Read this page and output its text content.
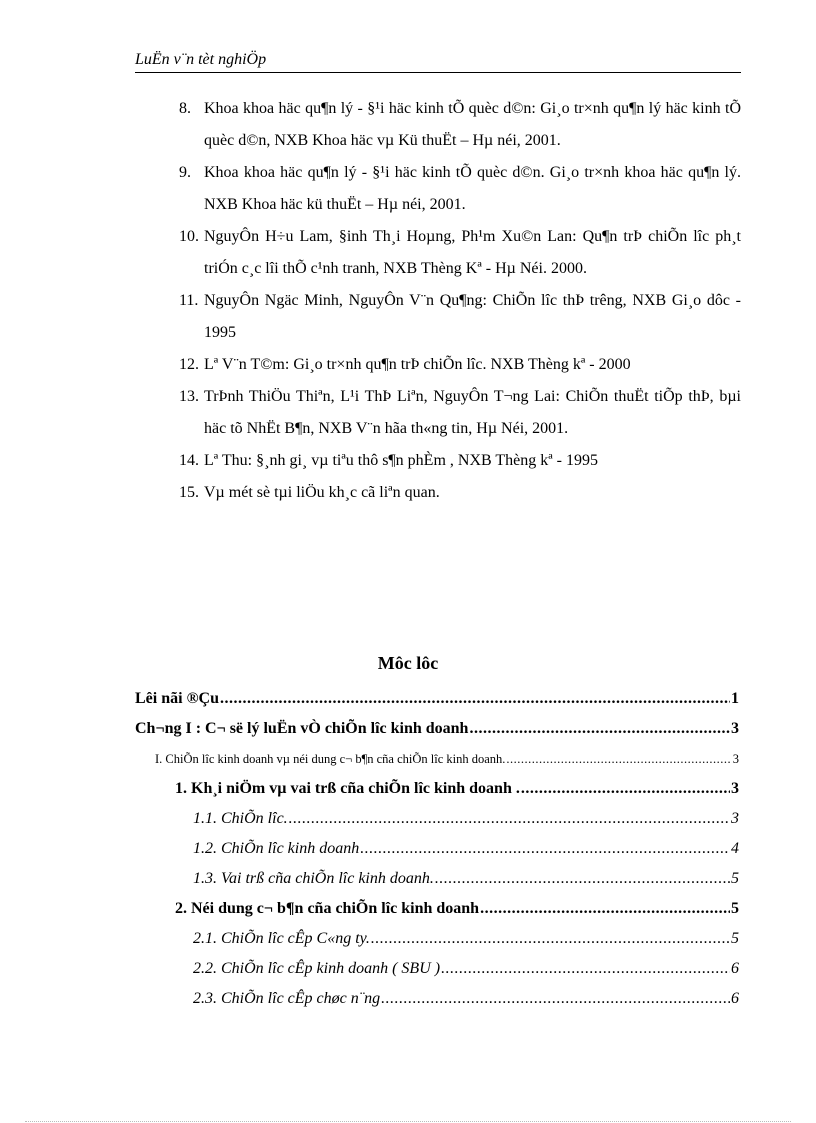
LuËn v¨n tèt nghiÖp
8. Khoa khoa häc qu¶n lý - §¹i häc kinh tÕ quèc d©n: Gi¸o tr×nh qu¶n lý häc kinh tÕ quèc d©n, NXB Khoa häc vµ Kü thuËt – Hµ néi, 2001.
9. Khoa khoa häc qu¶n lý - §¹i häc kinh tÕ quèc d©n. Gi¸o tr×nh khoa häc qu¶n lý. NXB Khoa häc kü thuËt – Hµ néi, 2001.
10. NguyÔn H÷u Lam, §inh Th¸i Hoµng, Ph¹m Xu©n Lan: Qu¶n trÞ chiÕn lîc ph¸t triÓn c¸c lîi thÕ c¹nh tranh, NXB Thèng Kª - Hµ Néi. 2000.
11. NguyÔn Ngäc Minh, NguyÔn V¨n Qu¶ng: ChiÕn lîc thÞ trêng, NXB Gi¸o dôc - 1995
12. Lª V¨n T©m: Gi¸o tr×nh qu¶n trÞ chiÕn lîc. NXB Thèng kª - 2000
13. TrÞnh ThiÖu Thiªn, L¹i ThÞ Liªn, NguyÔn T¬ng Lai: ChiÕn thuËt tiÕp thÞ, bµi häc tõ NhËt B¶n, NXB V¨n hãa th«ng tin, Hµ Néi, 2001.
14. Lª Thu: §¸nh gi¸ vµ tiªu thô s¶n phÈm , NXB Thèng kª - 1995
15. Vµ mét sè tµi liÖu kh¸c cã liªn quan.
Môc lôc
Lêi nãi ®Çu .....	1
Ch¬ng I : C¬ së lý luËn vÒ chiÕn lîc kinh doanh .....	3
I. ChiÕn lîc kinh doanh vµ néi dung c¬ b¶n cña chiÕn lîc kinh doanh. .....	3
1. Kh¸i niÖm vµ vai trß cña chiÕn lîc kinh doanh . .....	3
1.1. ChiÕn lîc. .....	3
1.2. ChiÕn lîc kinh doanh .....	4
1.3. Vai trß cña chiÕn lîc kinh doanh. .....	5
2. Néi dung c¬ b¶n cña chiÕn lîc kinh doanh .....	5
2.1. ChiÕn lîc cÊp C«ng ty. .....	5
2.2. ChiÕn lîc cÊp kinh doanh ( SBU ) .....	6
2.3. ChiÕn lîc cÊp chøc n¨ng .....	6
